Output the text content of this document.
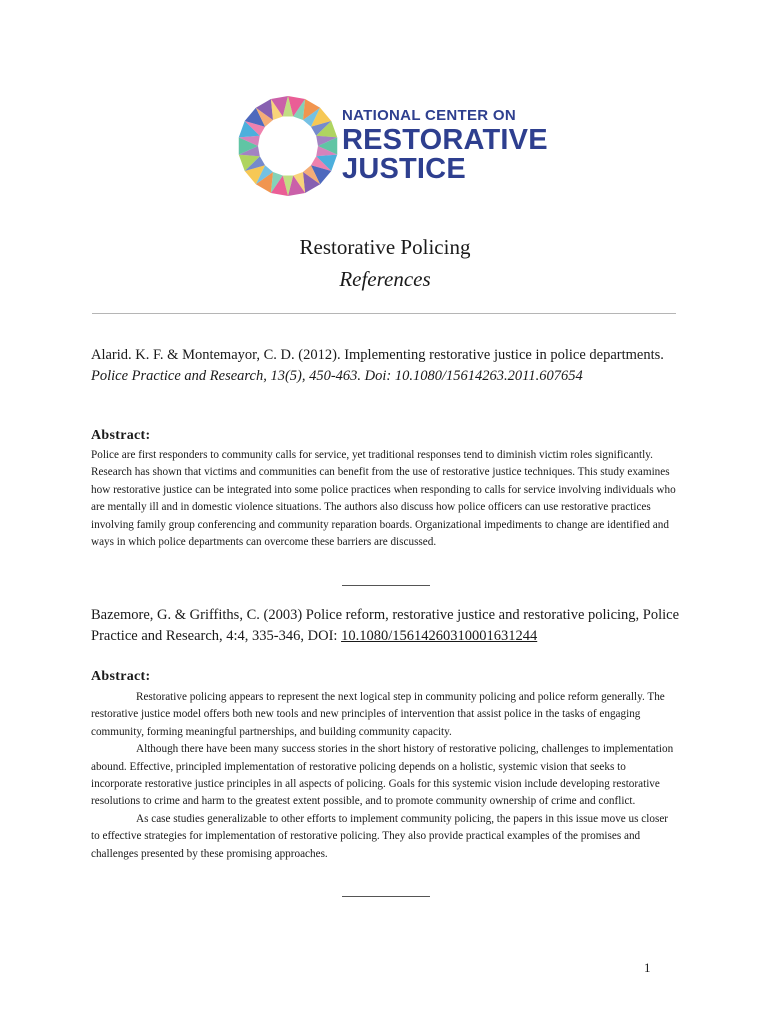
NATIONAL CENTER ON
RESTORATIVE
JUSTICE
Restorative Policing
References
Alarid. K. F. & Montemayor, C. D. (2012). Implementing restorative justice in police departments. Police Practice and Research, 13(5), 450-463. Doi: 10.1080/15614263.2011.607654
Abstract:

Police are first responders to community calls for service, yet traditional responses tend to diminish victim roles significantly. Research has shown that victims and communities can benefit from the use of restorative justice techniques. This study examines how restorative justice can be integrated into some police practices when responding to calls for service involving individuals who are mentally ill and in domestic violence situations. The authors also discuss how police officers can use restorative practices involving family group conferencing and community reparation boards. Organizational impediments to change are identified and ways in which police departments can overcome these barriers are discussed.

Bazemore, G. & Griffiths, C. (2003) Police reform, restorative justice and restorative policing, Police Practice and Research, 4:4, 335-346, DOI: 10.1080/1561426031000163124​4
Abstract:

Restorative policing appears to represent the next logical step in community policing and police reform generally. The restorative justice model offers both new tools and new principles of intervention that assist police in the tasks of engaging community, forming meaningful partnerships, and building community capacity.

Although there have been many success stories in the short history of restorative policing, challenges to implementation abound. Effective, principled implementation of restorative policing depends on a holistic, systemic vision that seeks to incorporate restorative justice principles in all aspects of policing. Goals for this systemic vision include developing restorative resolutions to crime and harm to the greatest extent possible, and to promote community ownership of crime and conflict.

As case studies generalizable to other efforts to implement community policing, the papers in this issue move us closer to effective strategies for implementation of restorative policing. They also provide practical examples of the promises and challenges presented by these promising approaches.

1
